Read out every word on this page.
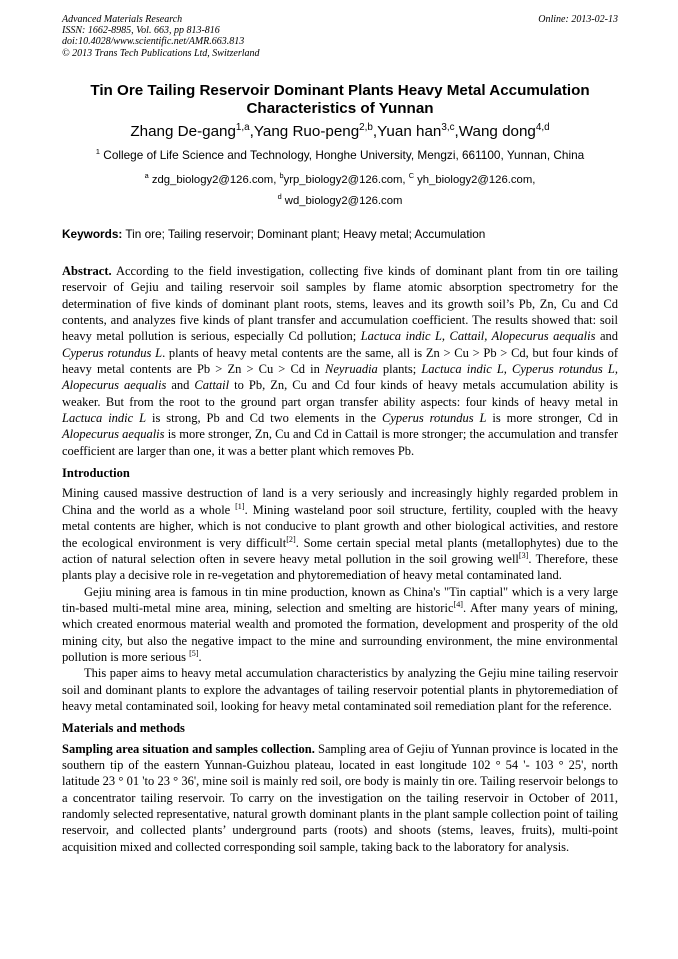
Advanced Materials Research
ISSN: 1662-8985, Vol. 663, pp 813-816
doi:10.4028/www.scientific.net/AMR.663.813
© 2013 Trans Tech Publications Ltd, Switzerland
Online: 2013-02-13
Tin Ore Tailing Reservoir Dominant Plants Heavy Metal Accumulation Characteristics of Yunnan
Zhang De-gang$^{1,a}$,Yang Ruo-peng$^{2,b}$,Yuan han$^{3,c}$,Wang dong$^{4,d}$
$^1$ College of Life Science and Technology, Honghe University, Mengzi, 661100, Yunnan, China
$^a$ zdg_biology2@126.com, $^b$yrp_biology2@126.com, $^C$ yh_biology2@126.com,
$^d$ wd_biology2@126.com
Keywords: Tin ore; Tailing reservoir; Dominant plant; Heavy metal; Accumulation

Abstract. According to the field investigation, collecting five kinds of dominant plant from tin ore tailing reservoir of Gejiu and tailing reservoir soil samples by flame atomic absorption spectrometry for the determination of five kinds of dominant plant roots, stems, leaves and its growth soil’s Pb, Zn, Cu and Cd contents, and analyzes five kinds of plant transfer and accumulation coefficient. The results showed that: soil heavy metal pollution is serious, especially Cd pollution; Lactuca indic L, Cattail, Alopecurus aequalis and Cyperus rotundus L. plants of heavy metal contents are the same, all is Zn > Cu > Pb > Cd, but four kinds of heavy metal contents are Pb > Zn > Cu > Cd in Neyruadia plants; Lactuca indic L, Cyperus rotundus L, Alopecurus aequalis and Cattail to Pb, Zn, Cu and Cd four kinds of heavy metals accumulation ability is weaker. But from the root to the ground part organ transfer ability aspects: four kinds of heavy metal in Lactuca indic L is strong, Pb and Cd two elements in the Cyperus rotundus L is more stronger, Cd in Alopecurus aequalis is more stronger, Zn, Cu and Cd in Cattail is more stronger; the accumulation and transfer coefficient are larger than one, it was a better plant which removes Pb.

Introduction

Mining caused massive destruction of land is a very seriously and increasingly highly regarded problem in China and the world as a whole [1]. Mining wasteland poor soil structure, fertility, coupled with the heavy metal contents are higher, which is not conducive to plant growth and other biological activities, and restore the ecological environment is very difficult[2]. Some certain special metal plants (metallophytes) due to the action of natural selection often in severe heavy metal pollution in the soil growing well[3]. Therefore, these plants play a decisive role in re-vegetation and phytoremediation of heavy metal contaminated land.

Gejiu mining area is famous in tin mine production, known as China's "Tin captial" which is a very large tin-based multi-metal mine area, mining, selection and smelting are historic[4]. After many years of mining, which created enormous material wealth and promoted the formation, development and prosperity of the old mining city, but also the negative impact to the mine and surrounding environment, the mine environmental pollution is more serious [5].

This paper aims to heavy metal accumulation characteristics by analyzing the Gejiu mine tailing reservoir soil and dominant plants to explore the advantages of tailing reservoir potential plants in phytoremediation of heavy metal contaminated soil, looking for heavy metal contaminated soil remediation plant for the reference.

Materials and methods

Sampling area situation and samples collection. Sampling area of Gejiu of Yunnan province is located in the southern tip of the eastern Yunnan-Guizhou plateau, located in east longitude 102 ° 54 '- 103 ° 25', north latitude 23 ° 01 'to 23 ° 36', mine soil is mainly red soil, ore body is mainly tin ore. Tailing reservoir belongs to a concentrator tailing reservoir. To carry on the investigation on the tailing reservoir in October of 2011, randomly selected representative, natural growth dominant plants in the plant sample collection point of tailing reservoir, and collected plants’ underground parts (roots) and shoots (stems, leaves, fruits), multi-point acquisition mixed and collected corresponding soil sample, taking back to the laboratory for analysis.
